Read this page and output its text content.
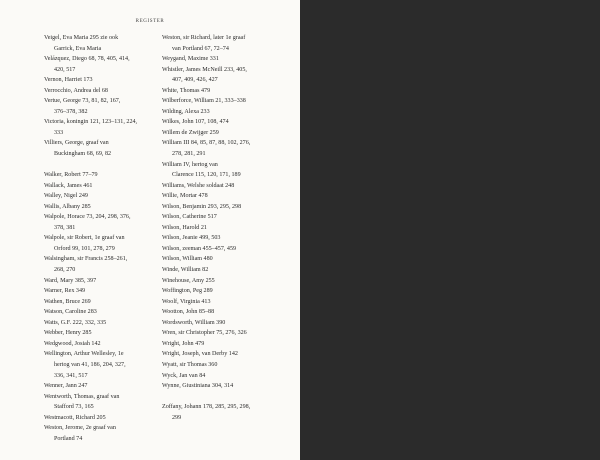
REGISTER
Veigel, Eva Maria 295 zie ook
Garrick, Eva Maria
Velázquez, Diego 68, 78, 405, 414,
420, 517
Vernon, Harriet 173
Verrocchio, Andrea del 68
Vertue, George 73, 81, 82, 167,
376–378, 382
Victoria, koningin 121, 123–131, 224,
333
Villiers, George, graaf van
Buckingham 68, 69, 82
Walker, Robert 77–79
Wallack, James 461
Walley, Nigel 249
Wallis, Albany 285
Walpole, Horace 73, 204, 298, 376,
378, 381
Walpole, sir Robert, 1e graaf van
Orford 99, 101, 278, 279
Walsingham, sir Francis 258–261,
268, 270
Ward, Mary 385, 397
Warner, Rex 349
Wathen, Bruce 269
Watson, Caroline 283
Watts, G.F. 222, 332, 335
Webber, Henry 285
Wedgwood, Josiah 142
Wellington, Arthur Wellesley, 1e
hertog van 41, 186, 204, 327,
336, 341, 517
Wenner, Jann 247
Wentworth, Thomas, graaf van
Stafford 73, 165
Westmacott, Richard 205
Weston, Jerome, 2e graaf van
Portland 74
Weston, sir Richard, later 1e graaf
van Portland 67, 72–74
Weygand, Maxime 331
Whistler, James McNeill 233, 405,
407, 409, 426, 427
White, Thomas 479
Wilberforce, William 21, 333–338
Wilding, Alexa 233
Wilkes, John 107, 108, 474
Willem de Zwijger 259
William III 84, 85, 87, 88, 102, 276,
278, 281, 291
William IV, hertog van
Clarence 115, 120, 171, 189
Williams, Welshe soldaat 248
Willie, Mortar 478
Wilson, Benjamin 293, 295, 298
Wilson, Catherine 517
Wilson, Harold 21
Wilson, Jeanie 499, 503
Wilson, zeeman 455–457, 459
Wilson, William 480
Winde, William 82
Winehouse, Amy 255
Woffington, Peg 289
Woolf, Virginia 413
Wootton, John 85–88
Wordsworth, William 390
Wren, sir Christopher 75, 276, 326
Wright, John 479
Wright, Joseph, van Derby 142
Wyatt, sir Thomas 360
Wyck, Jan van 84
Wynne, Giustiniana 304, 314
Zoffany, Johann 178, 285, 295, 298,
299
